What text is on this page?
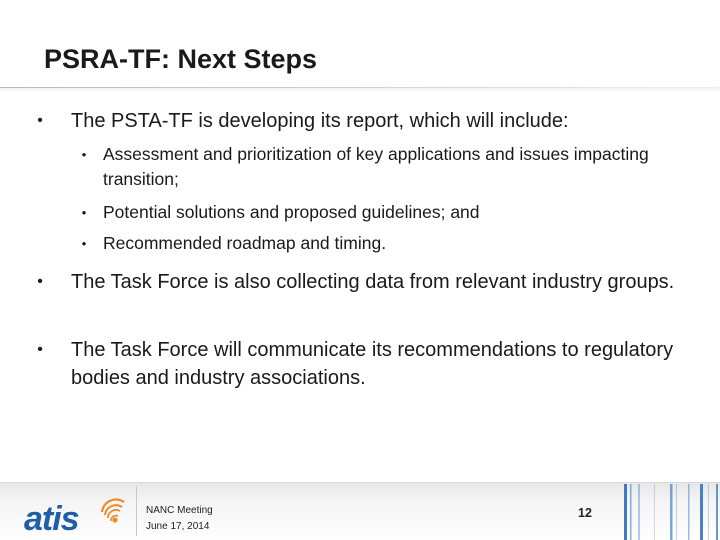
PSRA-TF: Next Steps
•	The PSTA-TF is developing its report, which will include:
• Assessment and prioritization of key applications and issues impacting transition;
• Potential solutions and proposed guidelines; and
• Recommended roadmap and timing.
•	The Task Force is also collecting data from relevant industry groups.
•	The Task Force will communicate its recommendations to regulatory bodies and industry associations.
atis	NANC Meeting
June 17, 2014
12
